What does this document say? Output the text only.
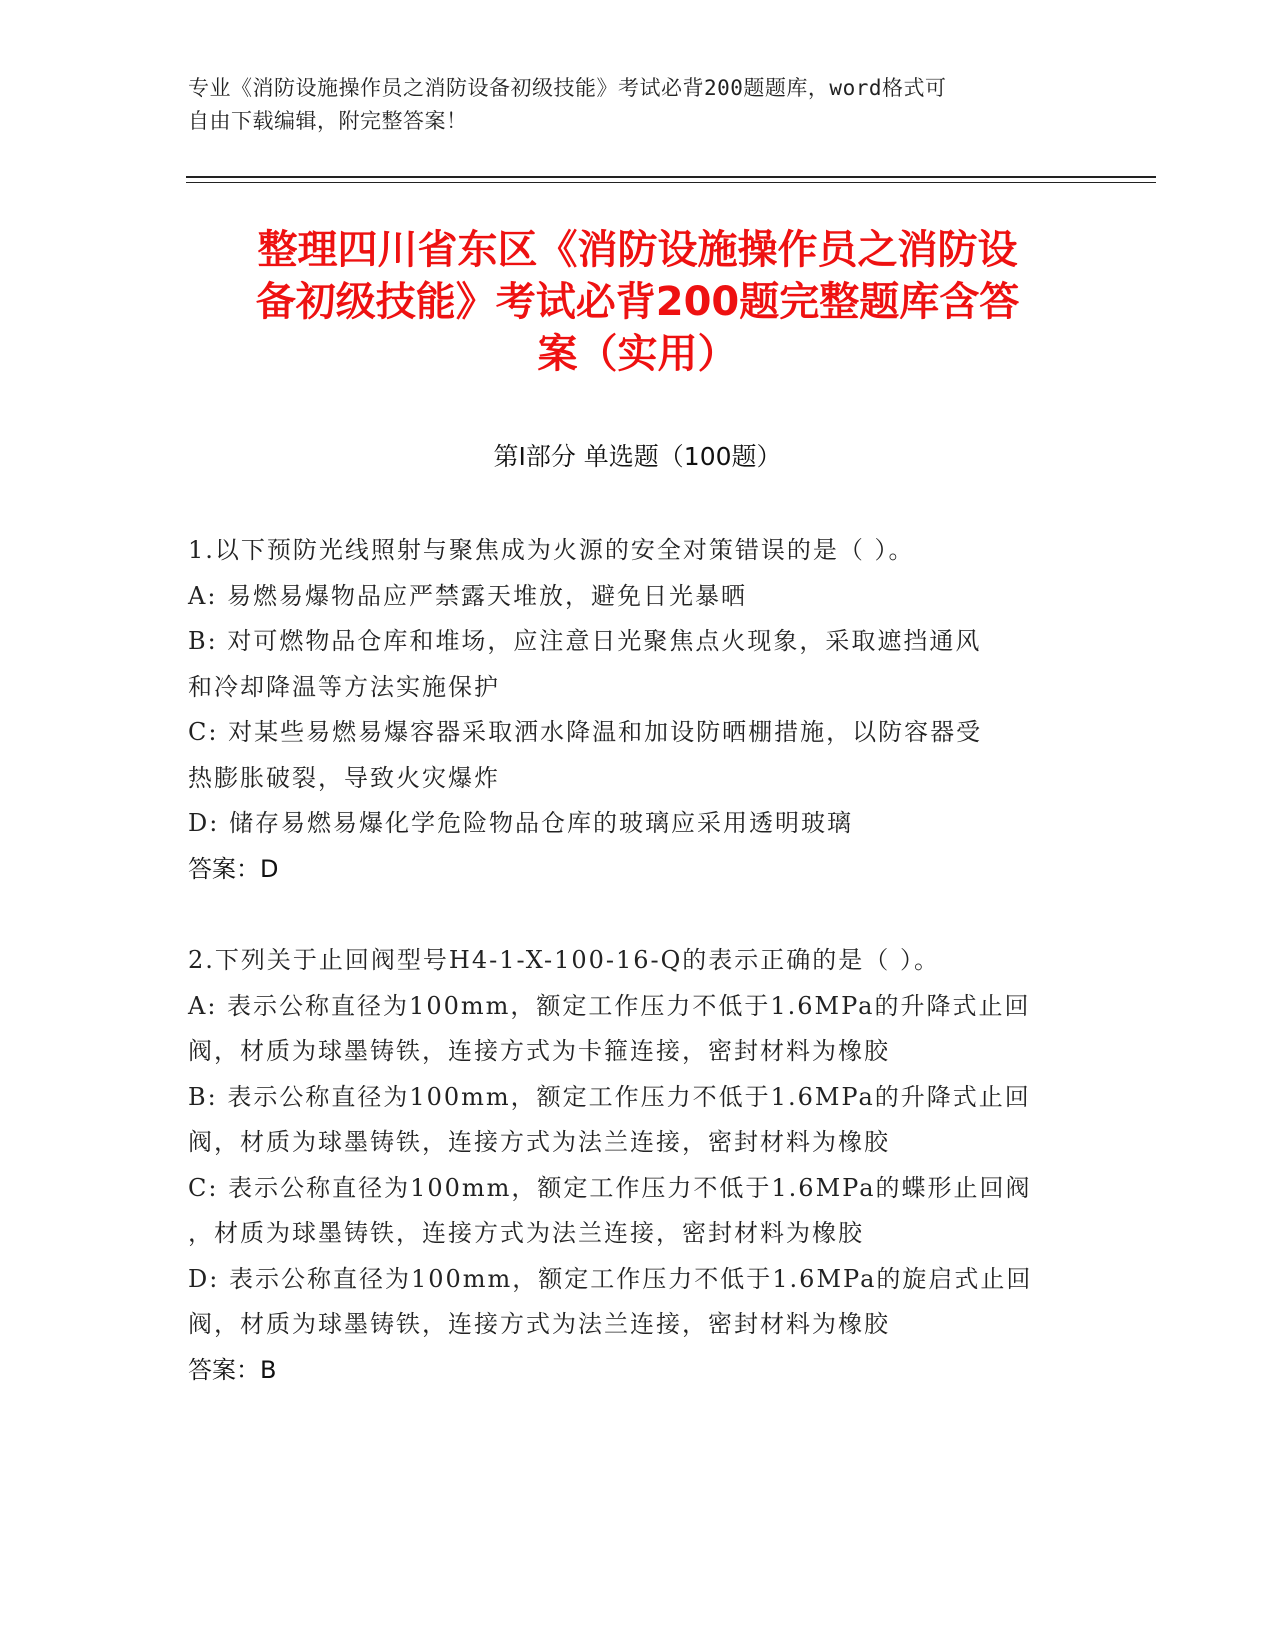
专业《消防设施操作员之消防设备初级技能》考试必背200题题库，word格式可
自由下载编辑，附完整答案！
整理四川省东区《消防设施操作员之消防设
备初级技能》考试必背200题完整题库含答
案（实用）
第Ⅰ部分 单选题（100题）
1.以下预防光线照射与聚焦成为火源的安全对策错误的是（ ）。
A: 易燃易爆物品应严禁露天堆放，避免日光暴晒
B: 对可燃物品仓库和堆场，应注意日光聚焦点火现象，采取遮挡通风
和冷却降温等方法实施保护
C: 对某些易燃易爆容器采取洒水降温和加设防晒棚措施，以防容器受
热膨胀破裂，导致火灾爆炸
D: 储存易燃易爆化学危险物品仓库的玻璃应采用透明玻璃
答案：D
2.下列关于止回阀型号H4-1-X-100-16-Q的表示正确的是（ ）。
A: 表示公称直径为100mm，额定工作压力不低于1.6MPa的升降式止回
阀，材质为球墨铸铁，连接方式为卡箍连接，密封材料为橡胶
B: 表示公称直径为100mm，额定工作压力不低于1.6MPa的升降式止回
阀，材质为球墨铸铁，连接方式为法兰连接，密封材料为橡胶
C: 表示公称直径为100mm，额定工作压力不低于1.6MPa的蝶形止回阀
，材质为球墨铸铁，连接方式为法兰连接，密封材料为橡胶
D: 表示公称直径为100mm，额定工作压力不低于1.6MPa的旋启式止回
阀，材质为球墨铸铁，连接方式为法兰连接，密封材料为橡胶
答案：B
